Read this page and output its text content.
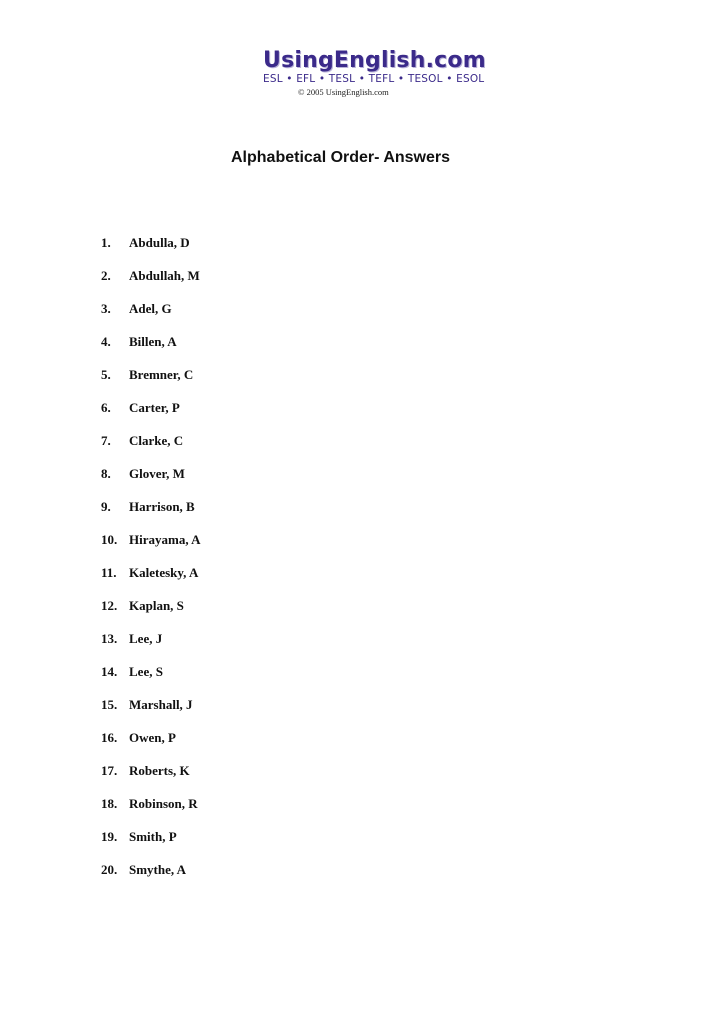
UsingEnglish.com
ESL • EFL • TESL • TEFL • TESOL • ESOL
© 2005 UsingEnglish.com
Alphabetical Order- Answers
1. Abdulla, D
2. Abdullah, M
3. Adel, G
4. Billen, A
5. Bremner, C
6. Carter, P
7. Clarke, C
8. Glover, M
9. Harrison, B
10. Hirayama, A
11. Kaletesky, A
12. Kaplan, S
13. Lee, J
14. Lee, S
15. Marshall, J
16. Owen, P
17. Roberts, K
18. Robinson, R
19. Smith, P
20. Smythe, A
